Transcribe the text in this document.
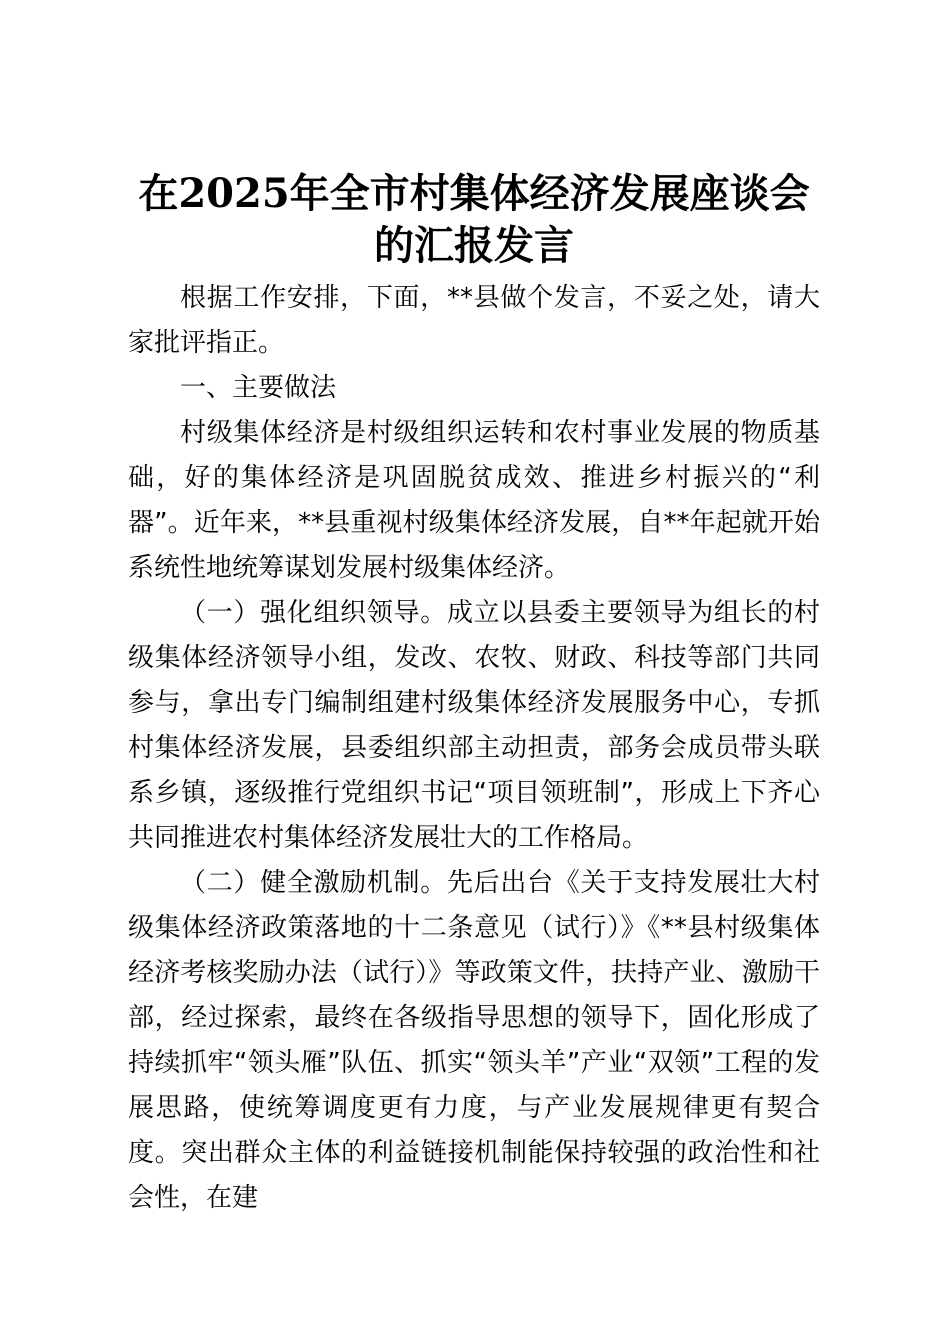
在2025年全市村集体经济发展座谈会
的汇报发言

根据工作安排，下面，**县做个发言，不妥之处，请大家批评指正。

一、主要做法

村级集体经济是村级组织运转和农村事业发展的物质基础，好的集体经济是巩固脱贫成效、推进乡村振兴的“利器”。近年来，**县重视村级集体经济发展，自**年起就开始系统性地统筹谋划发展村级集体经济。

（一）强化组织领导。成立以县委主要领导为组长的村级集体经济领导小组，发改、农牧、财政、科技等部门共同参与，拿出专门编制组建村级集体经济发展服务中心，专抓村集体经济发展，县委组织部主动担责，部务会成员带头联系乡镇，逐级推行党组织书记“项目领班制”，形成上下齐心共同推进农村集体经济发展壮大的工作格局。

（二）健全激励机制。先后出台《关于支持发展壮大村级集体经济政策落地的十二条意见（试行）》《**县村级集体经济考核奖励办法（试行）》等政策文件，扶持产业、激励干部，经过探索，最终在各级指导思想的领导下，固化形成了持续抓牢“领头雁”队伍、抓实“领头羊”产业“双领”工程的发展思路，使统筹调度更有力度，与产业发展规律更有契合度。突出群众主体的利益链接机制能保持较强的政治性和社会性，在建
